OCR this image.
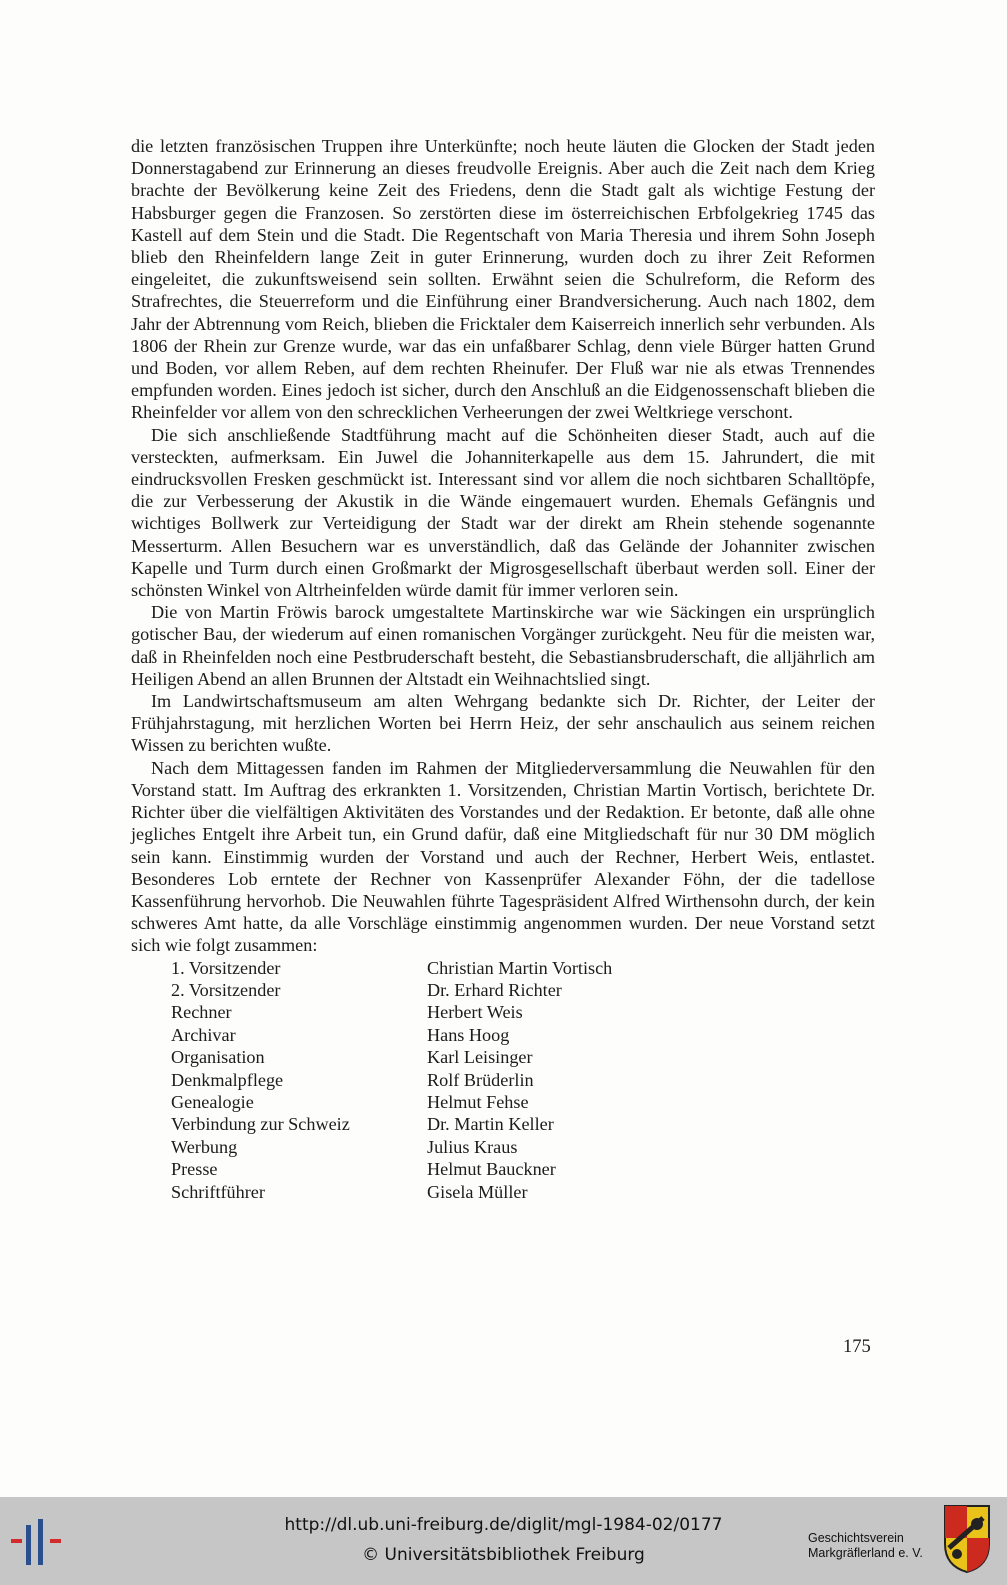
die letzten französischen Truppen ihre Unterkünfte; noch heute läuten die Glocken der Stadt jeden Donnerstagabend zur Erinnerung an dieses freudvolle Ereignis. Aber auch die Zeit nach dem Krieg brachte der Bevölkerung keine Zeit des Friedens, denn die Stadt galt als wichtige Festung der Habsburger gegen die Franzosen. So zerstörten diese im österreichischen Erbfolgekrieg 1745 das Kastell auf dem Stein und die Stadt. Die Regentschaft von Maria Theresia und ihrem Sohn Joseph blieb den Rheinfeldern lange Zeit in guter Erinnerung, wurden doch zu ihrer Zeit Reformen eingeleitet, die zukunftsweisend sein sollten. Erwähnt seien die Schulreform, die Reform des Strafrechtes, die Steuerreform und die Einführung einer Brandversicherung. Auch nach 1802, dem Jahr der Abtrennung vom Reich, blieben die Fricktaler dem Kaiserreich innerlich sehr verbunden. Als 1806 der Rhein zur Grenze wurde, war das ein unfaßbarer Schlag, denn viele Bürger hatten Grund und Boden, vor allem Reben, auf dem rechten Rheinufer. Der Fluß war nie als etwas Trennendes empfunden worden. Eines jedoch ist sicher, durch den Anschluß an die Eidgenossenschaft blieben die Rheinfelder vor allem von den schrecklichen Verheerungen der zwei Weltkriege verschont.

Die sich anschließende Stadtführung macht auf die Schönheiten dieser Stadt, auch auf die versteckten, aufmerksam. Ein Juwel die Johanniterkapelle aus dem 15. Jahrundert, die mit eindrucksvollen Fresken geschmückt ist. Interessant sind vor allem die noch sichtbaren Schalltöpfe, die zur Verbesserung der Akustik in die Wände eingemauert wurden. Ehemals Gefängnis und wichtiges Bollwerk zur Verteidigung der Stadt war der direkt am Rhein stehende sogenannte Messerturm. Allen Besuchern war es unverständlich, daß das Gelände der Johanniter zwischen Kapelle und Turm durch einen Großmarkt der Migrosgesellschaft überbaut werden soll. Einer der schönsten Winkel von Altrheinfelden würde damit für immer verloren sein.

Die von Martin Fröwis barock umgestaltete Martinskirche war wie Säckingen ein ursprünglich gotischer Bau, der wiederum auf einen romanischen Vorgänger zurückgeht. Neu für die meisten war, daß in Rheinfelden noch eine Pestbruderschaft besteht, die Sebastiansbruderschaft, die alljährlich am Heiligen Abend an allen Brunnen der Altstadt ein Weihnachtslied singt.

Im Landwirtschaftsmuseum am alten Wehrgang bedankte sich Dr. Richter, der Leiter der Frühjahrstagung, mit herzlichen Worten bei Herrn Heiz, der sehr anschaulich aus seinem reichen Wissen zu berichten wußte.

Nach dem Mittagessen fanden im Rahmen der Mitgliederversammlung die Neuwahlen für den Vorstand statt. Im Auftrag des erkrankten 1. Vorsitzenden, Christian Martin Vortisch, berichtete Dr. Richter über die vielfältigen Aktivitäten des Vorstandes und der Redaktion. Er betonte, daß alle ohne jegliches Entgelt ihre Arbeit tun, ein Grund dafür, daß eine Mitgliedschaft für nur 30 DM möglich sein kann. Einstimmig wurden der Vorstand und auch der Rechner, Herbert Weis, entlastet. Besonderes Lob erntete der Rechner von Kassenprüfer Alexander Föhn, der die tadellose Kassenführung hervorhob. Die Neuwahlen führte Tagespräsident Alfred Wirthensohn durch, der kein schweres Amt hatte, da alle Vorschläge einstimmig angenommen wurden. Der neue Vorstand setzt sich wie folgt zusammen:

1. Vorsitzender	Christian Martin Vortisch
2. Vorsitzender	Dr. Erhard Richter
Rechner	Herbert Weis
Archivar	Hans Hoog
Organisation	Karl Leisinger
Denkmalpflege	Rolf Brüderlin
Genealogie	Helmut Fehse
Verbindung zur Schweiz	Dr. Martin Keller
Werbung	Julius Kraus
Presse	Helmut Bauckner
Schriftführer	Gisela Müller
175
http://dl.ub.uni-freiburg.de/diglit/mgl-1984-02/0177
© Universitätsbibliothek Freiburg
Geschichtsverein
Markgräflerland e. V.
